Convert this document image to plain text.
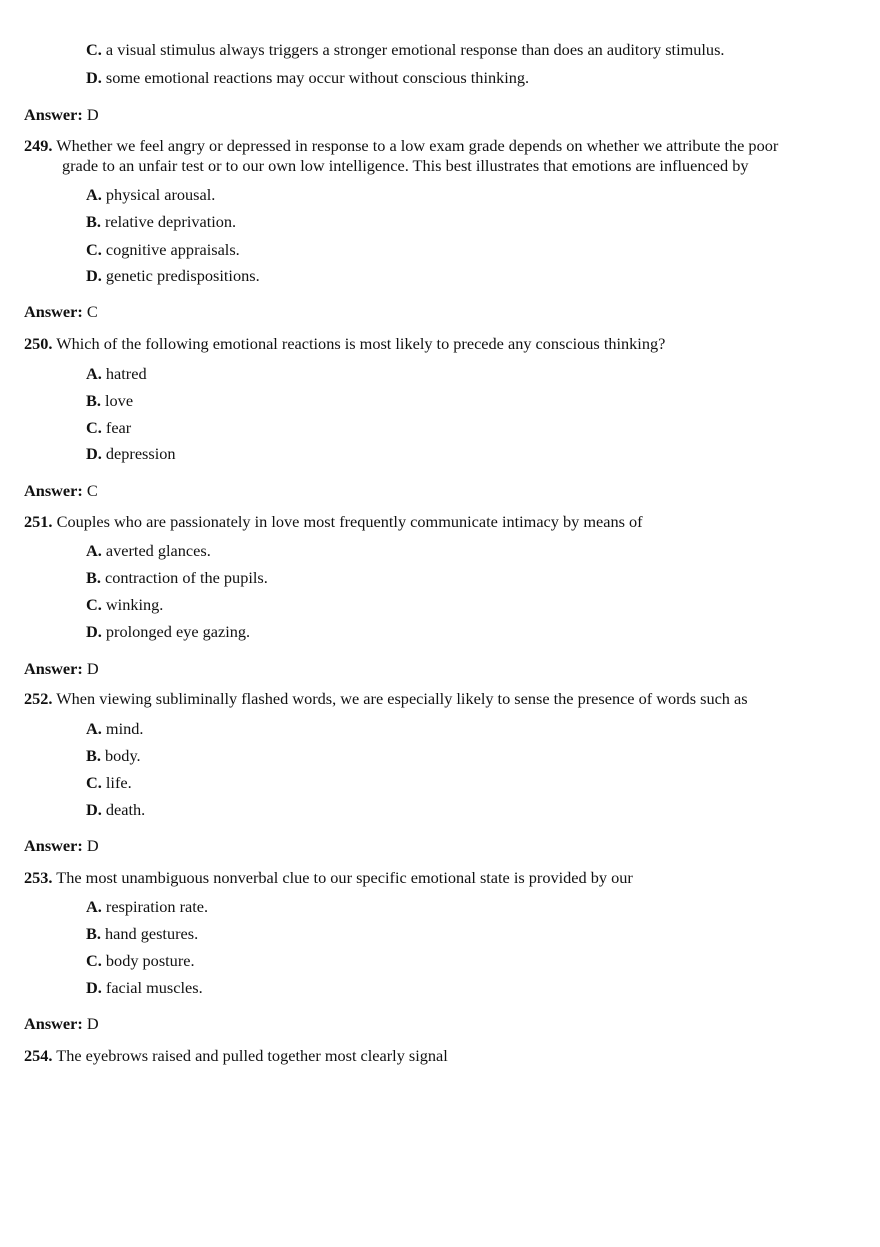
C. a visual stimulus always triggers a stronger emotional response than does an auditory stimulus.
D. some emotional reactions may occur without conscious thinking.
Answer: D
249. Whether we feel angry or depressed in response to a low exam grade depends on whether we attribute the poor
grade to an unfair test or to our own low intelligence. This best illustrates that emotions are influenced by
A. physical arousal.
B. relative deprivation.
C. cognitive appraisals.
D. genetic predispositions.
Answer: C
250. Which of the following emotional reactions is most likely to precede any conscious thinking?
A. hatred
B. love
C. fear
D. depression
Answer: C
251. Couples who are passionately in love most frequently communicate intimacy by means of
A. averted glances.
B. contraction of the pupils.
C. winking.
D. prolonged eye gazing.
Answer: D
252. When viewing subliminally flashed words, we are especially likely to sense the presence of words such as
A. mind.
B. body.
C. life.
D. death.
Answer: D
253. The most unambiguous nonverbal clue to our specific emotional state is provided by our
A. respiration rate.
B. hand gestures.
C. body posture.
D. facial muscles.
Answer: D
254. The eyebrows raised and pulled together most clearly signal
